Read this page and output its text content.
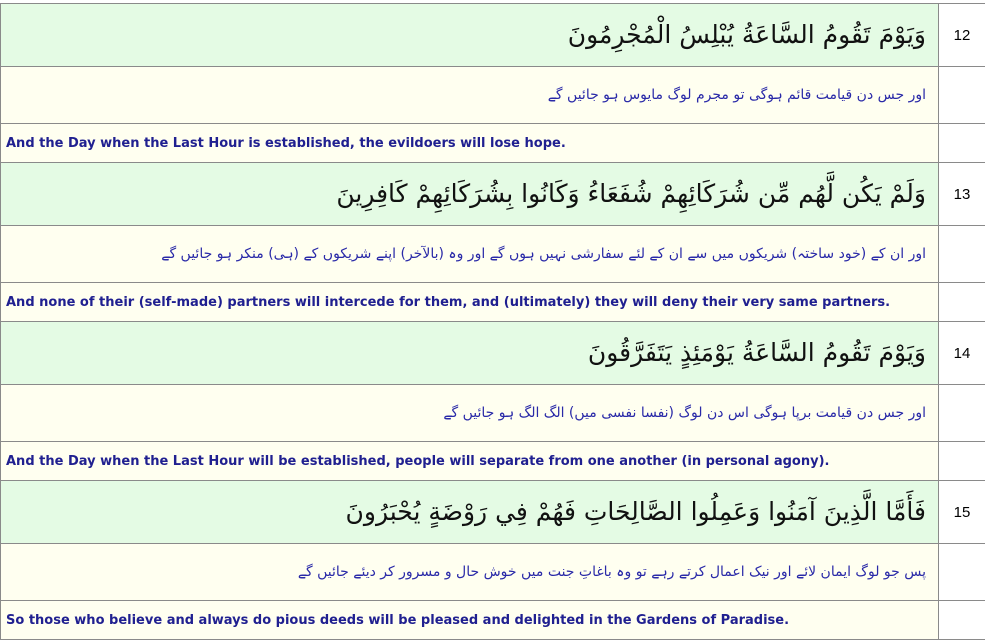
وَيَوْمَ تَقُومُ السَّاعَةُ يُبْلِسُ الْمُجْرِمُونَ	12
اور جس دن قیامت قائم ہوگی تو مجرم لوگ مایوس ہو جائیں گے	
And the Day when the Last Hour is established, the evildoers will lose hope.	
وَلَمْ يَكُن لَّهُم مِّن شُرَكَائِهِمْ شُفَعَاءُ وَكَانُوا بِشُرَكَائِهِمْ كَافِرِينَ	13
اور ان کے (خود ساختہ) شریکوں میں سے ان کے لئے سفارشی نہیں ہوں گے اور وہ (بالآخر) اپنے شریکوں کے (ہی) منکر ہو جائیں گے	
And none of their (self-made) partners will intercede for them, and (ultimately) they will deny their very same partners.	
وَيَوْمَ تَقُومُ السَّاعَةُ يَوْمَئِذٍ يَتَفَرَّقُونَ	14
اور جس دن قیامت برپا ہوگی اس دن لوگ (نفسا نفسی میں) الگ الگ ہو جائیں گے	
And the Day when the Last Hour will be established, people will separate from one another (in personal agony).	
فَأَمَّا الَّذِينَ آمَنُوا وَعَمِلُوا الصَّالِحَاتِ فَهُمْ فِي رَوْضَةٍ يُحْبَرُونَ	15
پس جو لوگ ایمان لائے اور نیک اعمال کرتے رہے تو وہ باغاتِ جنت میں خوش حال و مسرور کر دیئے جائیں گے	
So those who believe and always do pious deeds will be pleased and delighted in the Gardens of Paradise.	
